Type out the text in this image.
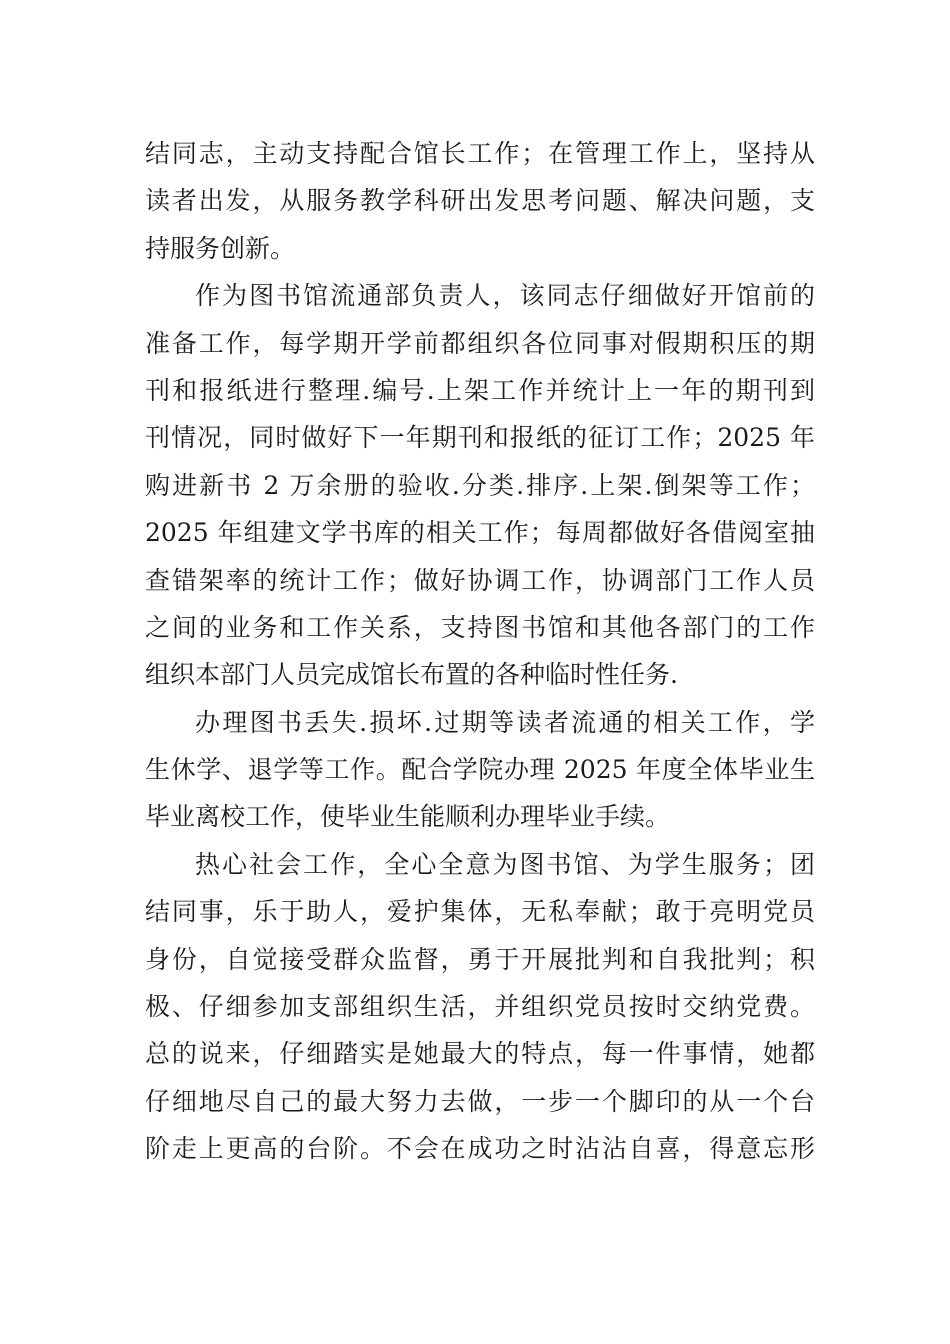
结同志，主动支持配合馆长工作；在管理工作上，坚持从
读者出发，从服务教学科研出发思考问题、解决问题，支
持服务创新。
作为图书馆流通部负责人，该同志仔细做好开馆前的
准备工作，每学期开学前都组织各位同事对假期积压的期
刊和报纸进行整理.编号.上架工作并统计上一年的期刊到
刊情况，同时做好下一年期刊和报纸的征订工作；2025 年
购进新书 2 万余册的验收.分类.排序.上架.倒架等工作；
2025 年组建文学书库的相关工作；每周都做好各借阅室抽
查错架率的统计工作；做好协调工作，协调部门工作人员
之间的业务和工作关系，支持图书馆和其他各部门的工作
组织本部门人员完成馆长布置的各种临时性任务.
办理图书丢失.损坏.过期等读者流通的相关工作，学
生休学、退学等工作。配合学院办理 2025 年度全体毕业生
毕业离校工作，使毕业生能顺利办理毕业手续。
热心社会工作，全心全意为图书馆、为学生服务；团
结同事，乐于助人，爱护集体，无私奉献；敢于亮明党员
身份，自觉接受群众监督，勇于开展批判和自我批判；积
极、仔细参加支部组织生活，并组织党员按时交纳党费。
总的说来，仔细踏实是她最大的特点，每一件事情，她都
仔细地尽自己的最大努力去做，一步一个脚印的从一个台
阶走上更高的台阶。不会在成功之时沾沾自喜，得意忘形
